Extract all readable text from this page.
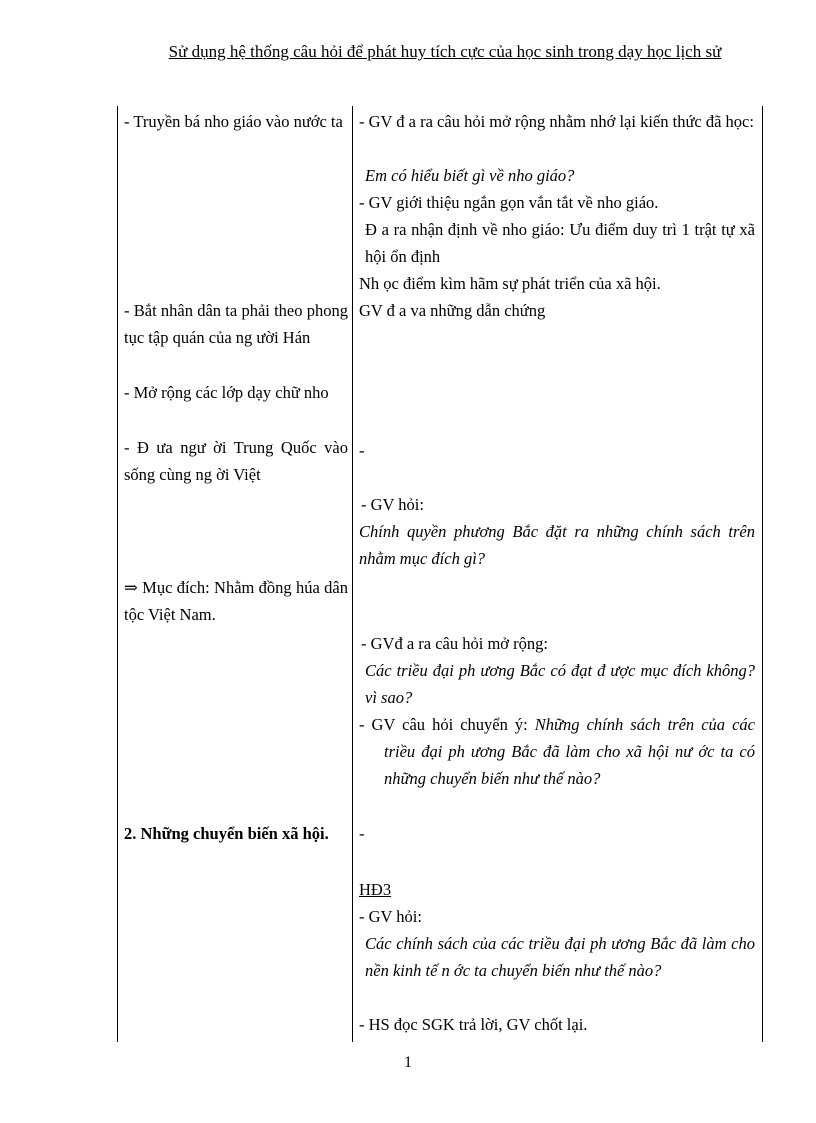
Sử dụng hệ thống câu hỏi để phát huy tích cực của học sinh trong dạy học lịch sử
- Truyền bá nho giáo vào nước ta
- Bắt nhân dân ta phải theo phong tục tập quán của ng ười Hán
- Mở rộng các lớp dạy chữ nho
- Đ ưa ngư ời Trung Quốc vào sống cùng ng ời Việt
⇒ Mục đích: Nhằm đồng húa dân tộc Việt Nam.
2. Những chuyển biến xã hội.
- GV đ a ra câu hỏi mở rộng nhằm nhớ lại kiến thức đã học:
Em có hiểu biết gì về nho giáo?
- GV giới thiệu ngắn gọn vắn tắt về nho giáo.
Đ a ra nhận định về nho giáo: Ưu điểm duy trì 1 trật tự xã hội ổn định
Nh ọc điểm kìm hãm sự phát triển của xã hội.
GV đ a va những dẫn chứng
-
- GV hỏi:
Chính quyền phương Bắc đặt ra những chính sách trên nhằm mục đích gì?
- GVđ a ra câu hỏi mở rộng:
Các triều đại ph ương Bắc có đạt đ ược mục đích không? vì sao?
- GV câu hỏi chuyển ý: Những chính sách trên của các triều đại ph ương Bắc đã làm cho xã hội nư ớc ta có những chuyển biến như thế nào?
-
HĐ3
- GV hỏi:
Các chính sách của các triều đại ph ương Bắc đã làm cho nền kinh tế n ớc ta chuyển biến như thế nào?
- HS đọc SGK trả lời, GV chốt lại.
1
